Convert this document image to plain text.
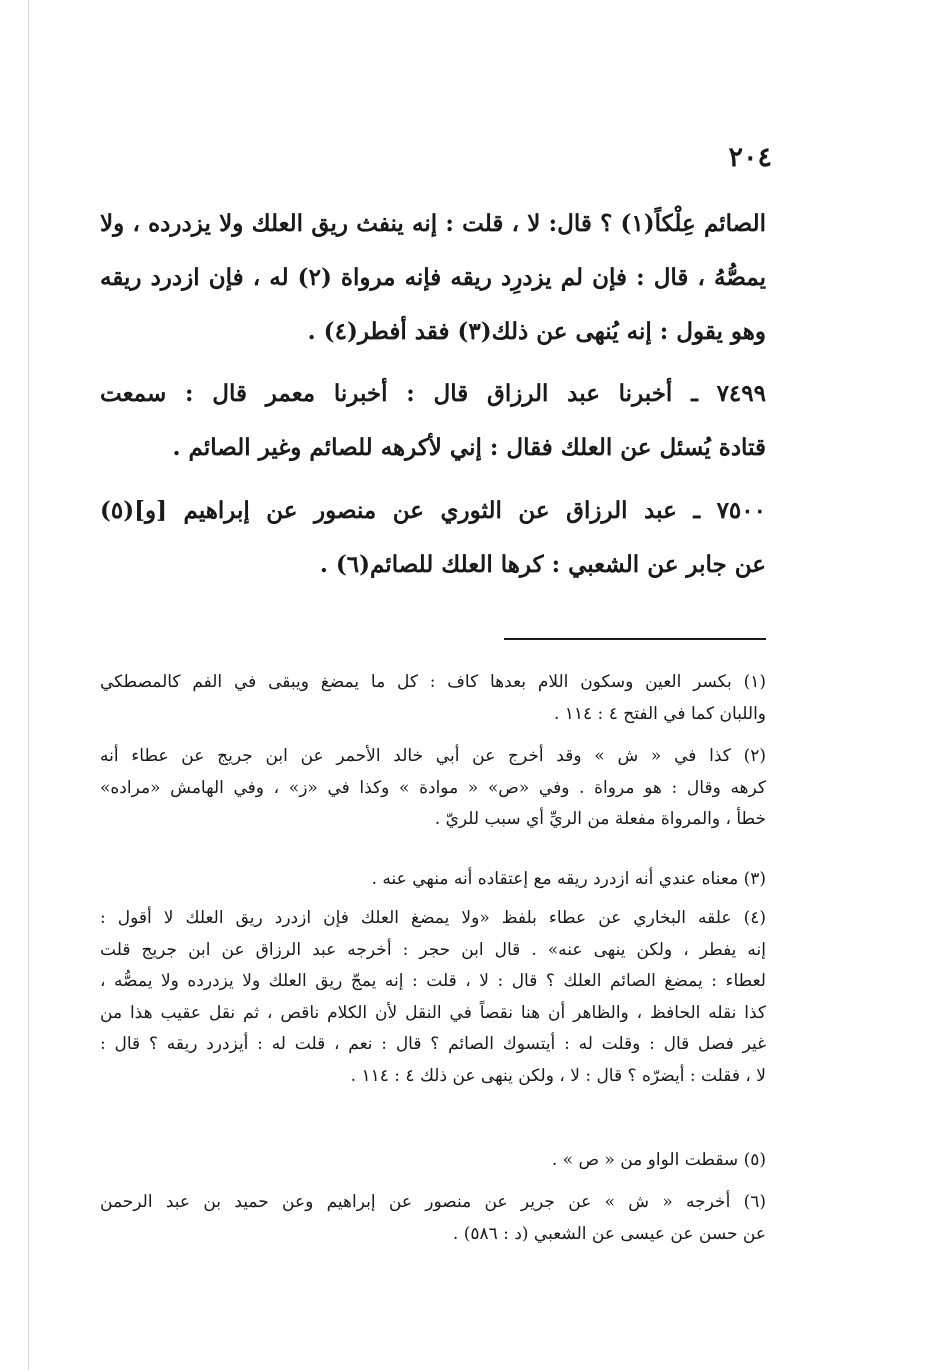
٢٠٤
الصائم عِلْكاً(١) ؟ قال: لا ، قلت : إنه ينفث ريق العلك ولا يزدرده ، ولا
يمصُّهُ ، قال : فإن لم يزدرِد ريقه فإنه مرواة (٢) له ، فإن ازدرد ريقه
وهو يقول : إنه يُنهى عن ذلك(٣) فقد أفطر(٤) .
٧٤٩٩ ـ أخبرنا عبد الرزاق قال : أخبرنا معمر قال : سمعت
قتادة يُسئل عن العلك فقال : إني لأكرهه للصائم وغير الصائم .
٧٥٠٠ ـ عبد الرزاق عن الثوري عن منصور عن إبراهيم [و](٥)
عن جابر عن الشعبي : كرها العلك للصائم(٦) .
(١) بكسر العين وسكون اللام بعدها كاف : كل ما يمضغ ويبقى في الفم كالمصطكي
واللبان كما في الفتح ٤ : ١١٤ .
(٢) كذا في « ش » وقد أخرج عن أبي خالد الأحمر عن ابن جريج عن عطاء أنه
كرهه وقال : هو مرواة . وفي «ص» « موادة » وكذا في «ز» ، وفي الهامش «مراده»
خطأ ، والمرواة مفعلة من الريِّ أي سبب للريّ .
(٣) معناه عندي أنه ازدرد ريقه مع إعتقاده أنه منهي عنه .
(٤) علقه البخاري عن عطاء بلفظ «ولا يمضغ العلك فإن ازدرد ريق العلك لا أقول :
إنه يفطر ، ولكن ينهى عنه» . قال ابن حجر : أخرجه عبد الرزاق عن ابن جريج قلت
لعطاء : يمضغ الصائم العلك ؟ قال : لا ، قلت : إنه يمجّ ريق العلك ولا يزدرده ولا يمصُّه ،
كذا نقله الحافظ ، والظاهر أن هنا نقصاً في النقل لأن الكلام ناقص ، ثم نقل عقيب هذا من
غير فصل قال : وقلت له : أيتسوك الصائم ؟ قال : نعم ، قلت له : أيزدرد ريقه ؟ قال :
لا ، فقلت : أيضرّه ؟ قال : لا ، ولكن ينهى عن ذلك ٤ : ١١٤ .
(٥) سقطت الواو من « ص » .
(٦) أخرجه « ش » عن جرير عن منصور عن إبراهيم وعن حميد بن عبد الرحمن
عن حسن عن عيسى عن الشعبي (د : ٥٨٦) .
